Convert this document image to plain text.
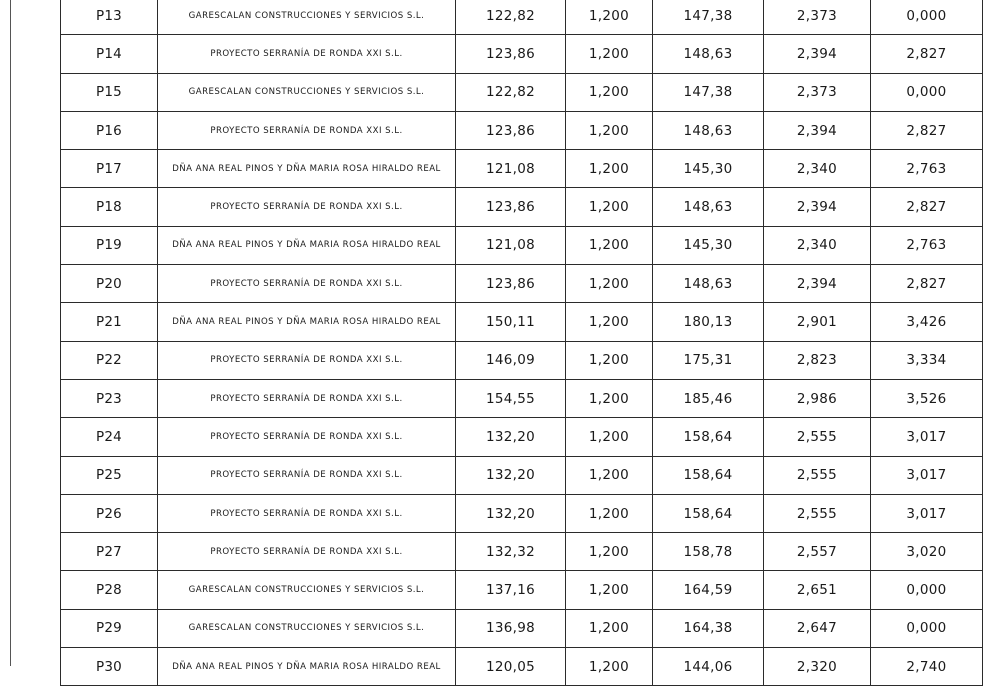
P13	GARESCALAN CONSTRUCCIONES Y SERVICIOS S.L.	122,82	1,200	147,38	2,373	0,000
P14	PROYECTO SERRANÍA DE RONDA XXI S.L.	123,86	1,200	148,63	2,394	2,827
P15	GARESCALAN CONSTRUCCIONES Y SERVICIOS S.L.	122,82	1,200	147,38	2,373	0,000
P16	PROYECTO SERRANÍA DE RONDA XXI S.L.	123,86	1,200	148,63	2,394	2,827
P17	DÑA ANA REAL PINOS Y DÑA MARIA ROSA HIRALDO REAL	121,08	1,200	145,30	2,340	2,763
P18	PROYECTO SERRANÍA DE RONDA XXI S.L.	123,86	1,200	148,63	2,394	2,827
P19	DÑA ANA REAL PINOS Y DÑA MARIA ROSA HIRALDO REAL	121,08	1,200	145,30	2,340	2,763
P20	PROYECTO SERRANÍA DE RONDA XXI S.L.	123,86	1,200	148,63	2,394	2,827
P21	DÑA ANA REAL PINOS Y DÑA MARIA ROSA HIRALDO REAL	150,11	1,200	180,13	2,901	3,426
P22	PROYECTO SERRANÍA DE RONDA XXI S.L.	146,09	1,200	175,31	2,823	3,334
P23	PROYECTO SERRANÍA DE RONDA XXI S.L.	154,55	1,200	185,46	2,986	3,526
P24	PROYECTO SERRANÍA DE RONDA XXI S.L.	132,20	1,200	158,64	2,555	3,017
P25	PROYECTO SERRANÍA DE RONDA XXI S.L.	132,20	1,200	158,64	2,555	3,017
P26	PROYECTO SERRANÍA DE RONDA XXI S.L.	132,20	1,200	158,64	2,555	3,017
P27	PROYECTO SERRANÍA DE RONDA XXI S.L.	132,32	1,200	158,78	2,557	3,020
P28	GARESCALAN CONSTRUCCIONES Y SERVICIOS S.L.	137,16	1,200	164,59	2,651	0,000
P29	GARESCALAN CONSTRUCCIONES Y SERVICIOS S.L.	136,98	1,200	164,38	2,647	0,000
P30	DÑA ANA REAL PINOS Y DÑA MARIA ROSA HIRALDO REAL	120,05	1,200	144,06	2,320	2,740
